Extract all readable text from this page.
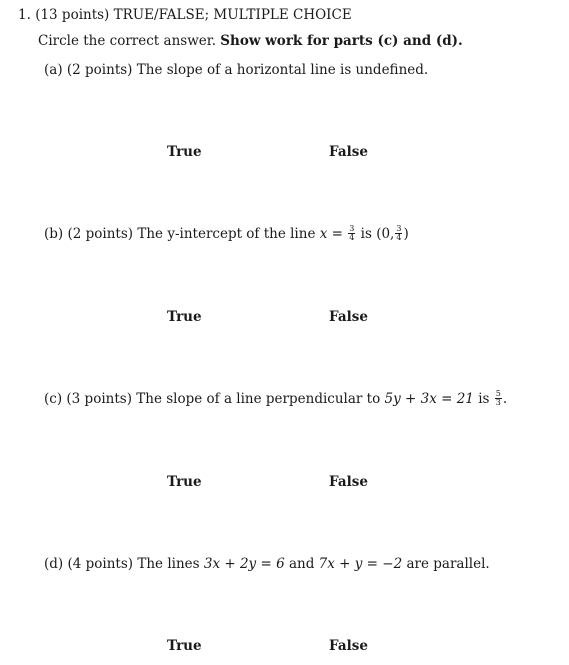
1. (13 points) TRUE/FALSE; MULTIPLE CHOICE
Circle the correct answer. Show work for parts (c) and (d).
(a) (2 points) The slope of a horizontal line is undefined.
True	False
(b) (2 points) The y-intercept of the line $x = \frac{3}{4}$ is (0, $\frac{3}{4}$ )
True	False
(c) (3 points) The slope of a line perpendicular to 5y + 3x = 21 is $\frac{5}{3}$ .
True	False
(d) (4 points) The lines 3x + 2y = 6 and 7x + y = −2 are parallel.
True	False
